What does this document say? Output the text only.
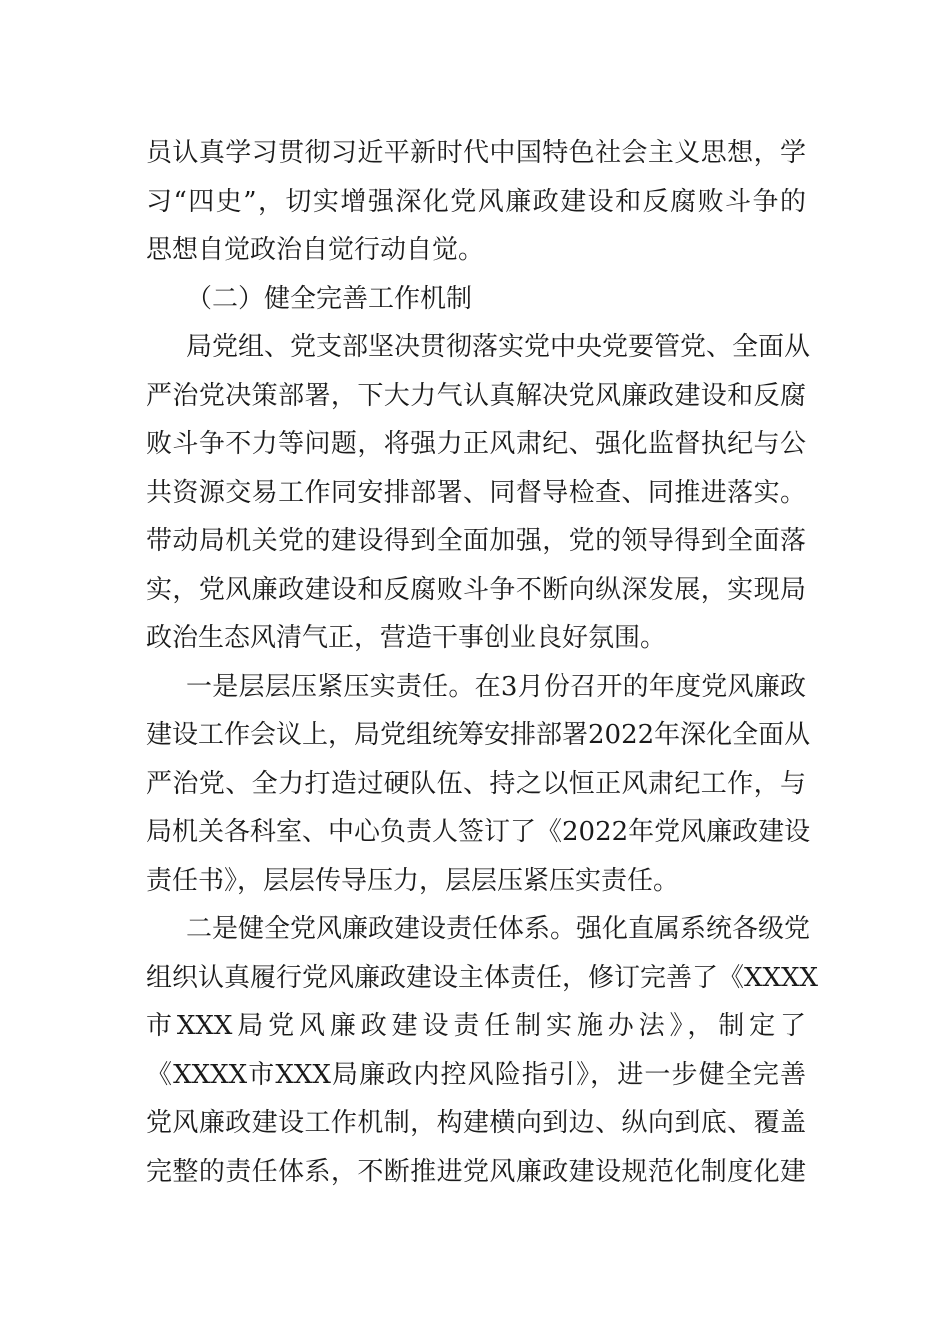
员认真学习贯彻习近平新时代中国特色社会主义思想，学
习“四史”，切实增强深化党风廉政建设和反腐败斗争的
思想自觉政治自觉行动自觉。
（二）健全完善工作机制
局党组、党支部坚决贯彻落实党中央党要管党、全面从
严治党决策部署，下大力气认真解决党风廉政建设和反腐
败斗争不力等问题，将强力正风肃纪、强化监督执纪与公
共资源交易工作同安排部署、同督导检查、同推进落实。
带动局机关党的建设得到全面加强，党的领导得到全面落
实，党风廉政建设和反腐败斗争不断向纵深发展，实现局
政治生态风清气正，营造干事创业良好氛围。
一是层层压紧压实责任。在3月份召开的年度党风廉政
建设工作会议上，局党组统筹安排部署2022年深化全面从
严治党、全力打造过硬队伍、持之以恒正风肃纪工作，与
局机关各科室、中心负责人签订了《2022年党风廉政建设
责任书》，层层传导压力，层层压紧压实责任。
二是健全党风廉政建设责任体系。强化直属系统各级党
组织认真履行党风廉政建设主体责任，修订完善了《XXXX
市XXX局党风廉政建设责任制实施办法》，制定了
《XXXX市XXX局廉政内控风险指引》，进一步健全完善
党风廉政建设工作机制，构建横向到边、纵向到底、覆盖
完整的责任体系，不断推进党风廉政建设规范化制度化建
